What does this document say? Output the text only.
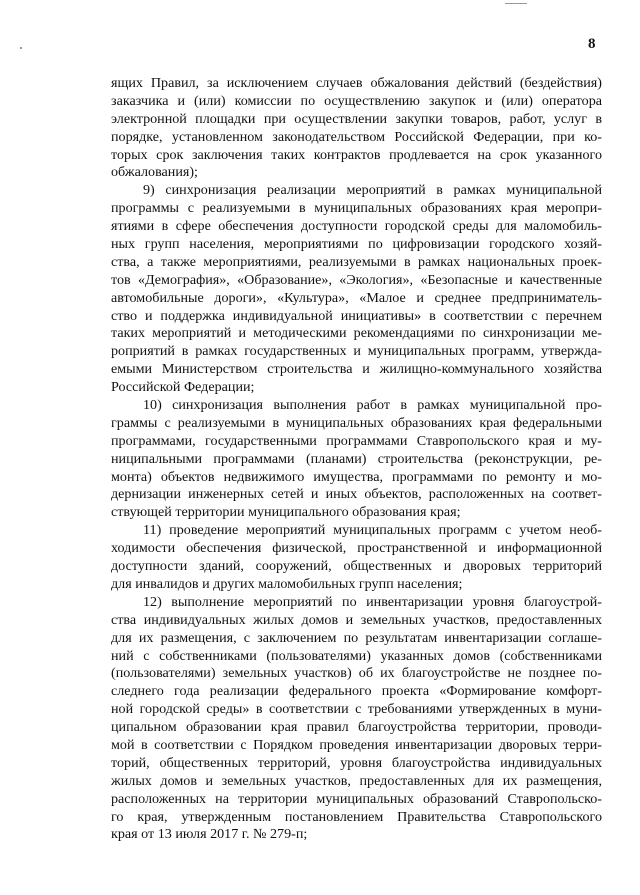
8
ящих Правил, за исключением случаев обжалования действий (бездействия)
заказчика и (или) комиссии по осуществлению закупок и (или) оператора
электронной площадки при осуществлении закупки товаров, работ, услуг в
порядке, установленном законодательством Российской Федерации, при ко-
торых срок заключения таких контрактов продлевается на срок указанного
обжалования);
9) синхронизация реализации мероприятий в рамках муниципальной
программы с реализуемыми в муниципальных образованиях края меропри-
ятиями в сфере обеспечения доступности городской среды для маломобиль-
ных групп населения, мероприятиями по цифровизации городского хозяй-
ства, а также мероприятиями, реализуемыми в рамках национальных проек-
тов «Демография», «Образование», «Экология», «Безопасные и качественные
автомобильные дороги», «Культура», «Малое и среднее предприниматель-
ство и поддержка индивидуальной инициативы» в соответствии с перечнем
таких мероприятий и методическими рекомендациями по синхронизации ме-
роприятий в рамках государственных и муниципальных программ, утвержда-
емыми Министерством строительства и жилищно-коммунального хозяйства
Российской Федерации;
10) синхронизация выполнения работ в рамках муниципальной про-
граммы с реализуемыми в муниципальных образованиях края федеральными
программами, государственными программами Ставропольского края и му-
ниципальными программами (планами) строительства (реконструкции, ре-
монта) объектов недвижимого имущества, программами по ремонту и мо-
дернизации инженерных сетей и иных объектов, расположенных на соответ-
ствующей территории муниципального образования края;
11) проведение мероприятий муниципальных программ с учетом необ-
ходимости обеспечения физической, пространственной и информационной
доступности зданий, сооружений, общественных и дворовых территорий
для инвалидов и других маломобильных групп населения;
12) выполнение мероприятий по инвентаризации уровня благоустрой-
ства индивидуальных жилых домов и земельных участков, предоставленных
для их размещения, с заключением по результатам инвентаризации соглаше-
ний с собственниками (пользователями) указанных домов (собственниками
(пользователями) земельных участков) об их благоустройстве не позднее по-
следнего года реализации федерального проекта «Формирование комфорт-
ной городской среды» в соответствии с требованиями утвержденных в муни-
ципальном образовании края правил благоустройства территории, проводи-
мой в соответствии с Порядком проведения инвентаризации дворовых терри-
торий, общественных территорий, уровня благоустройства индивидуальных
жилых домов и земельных участков, предоставленных для их размещения,
расположенных на территории муниципальных образований Ставропольско-
го края, утвержденным постановлением Правительства Ставропольского
края от 13 июля 2017 г. № 279-п;
